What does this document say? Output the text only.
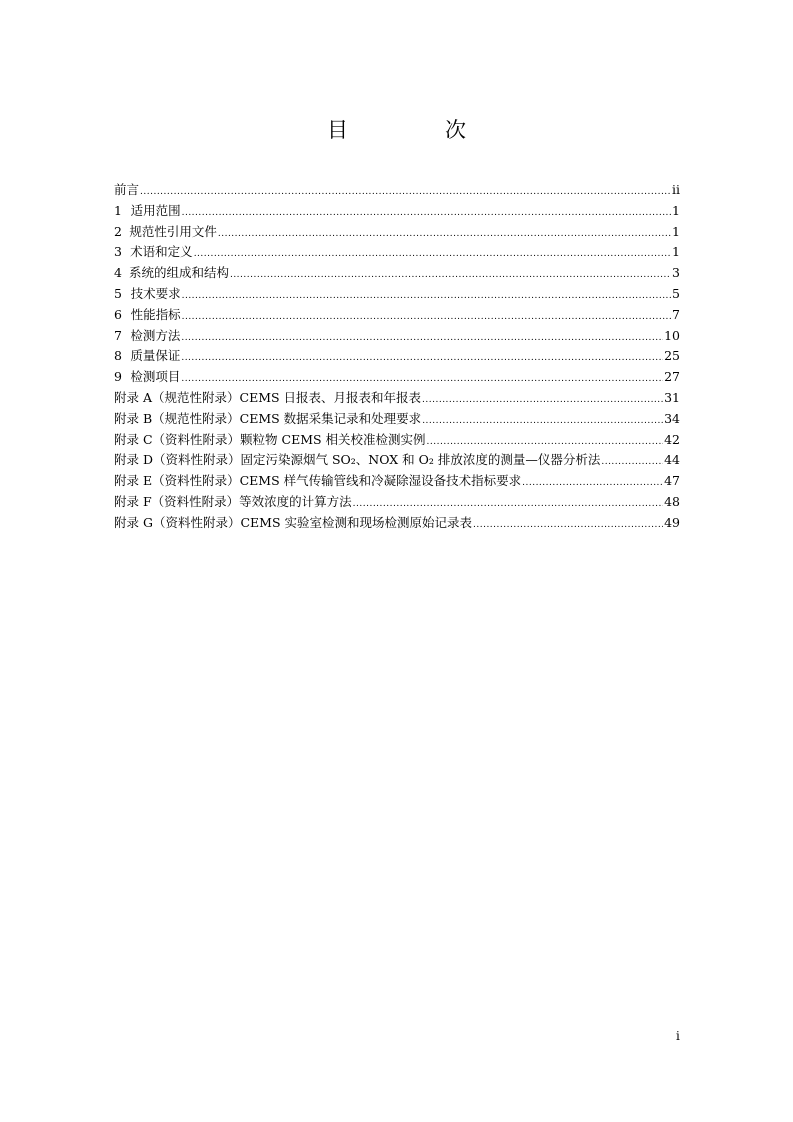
目　次
前言 .....	ii
1 适用范围 .....	1
2 规范性引用文件 .....	1
3 术语和定义 .....	1
4 系统的组成和结构 .....	3
5 技术要求 .....	5
6 性能指标 .....	7
7 检测方法 .....	10
8 质量保证 .....	25
9 检测项目 .....	27
附录 A（规范性附录）CEMS 日报表、月报表和年报表 .....	31
附录 B（规范性附录）CEMS 数据采集记录和处理要求 .....	34
附录 C（资料性附录）颗粒物 CEMS 相关校准检测实例 .....	42
附录 D（资料性附录）固定污染源烟气 SO₂、NOX 和 O₂ 排放浓度的测量—仪器分析法 .....	44
附录 E（资料性附录）CEMS 样气传输管线和冷凝除湿设备技术指标要求 .....	47
附录 F（资料性附录）等效浓度的计算方法 .....	48
附录 G（资料性附录）CEMS 实验室检测和现场检测原始记录表 .....	49
i
